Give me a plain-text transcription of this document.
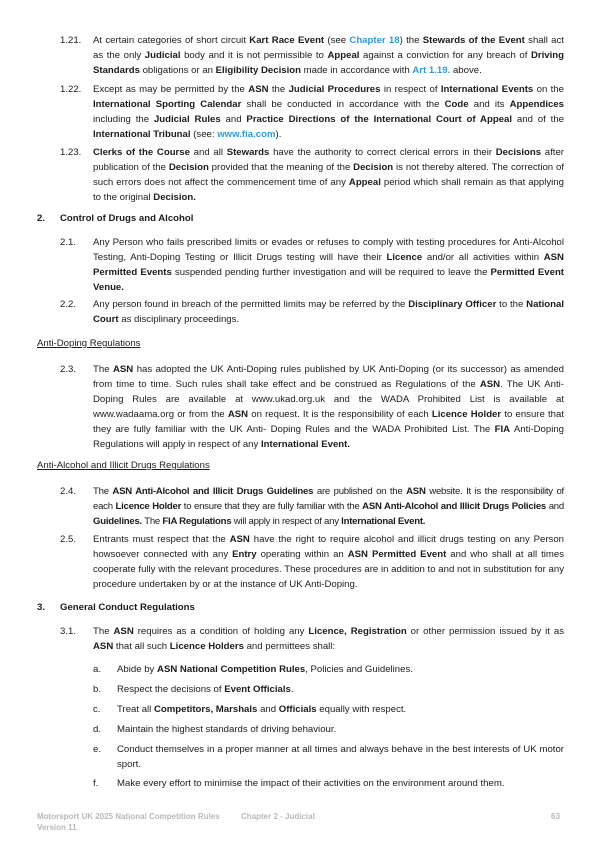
1.21. At certain categories of short circuit Kart Race Event (see Chapter 18) the Stewards of the Event shall act as the only Judicial body and it is not permissible to Appeal against a conviction for any breach of Driving Standards obligations or an Eligibility Decision made in accordance with Art 1.19. above.

1.22. Except as may be permitted by the ASN the Judicial Procedures in respect of International Events on the International Sporting Calendar shall be conducted in accordance with the Code and its Appendices including the Judicial Rules and Practice Directions of the International Court of Appeal and of the International Tribunal (see: www.fia.com).

1.23. Clerks of the Course and all Stewards have the authority to correct clerical errors in their Decisions after publication of the Decision provided that the meaning of the Decision is not thereby altered. The correction of such errors does not affect the commencement time of any Appeal period which shall remain as that applying to the original Decision.

2. Control of Drugs and Alcohol

2.1. Any Person who fails prescribed limits or evades or refuses to comply with testing procedures for Anti-Alcohol Testing, Anti-Doping Testing or Illicit Drugs testing will have their Licence and/or all activities within ASN Permitted Events suspended pending further investigation and will be required to leave the Permitted Event Venue.

2.2. Any person found in breach of the permitted limits may be referred by the Disciplinary Officer to the National Court as disciplinary proceedings.

Anti-Doping Regulations

2.3. The ASN has adopted the UK Anti-Doping rules published by UK Anti-Doping (or its successor) as amended from time to time. Such rules shall take effect and be construed as Regulations of the ASN. The UK Anti-Doping Rules are available at www.ukad.org.uk and the WADA Prohibited List is available at www.wadaama.org or from the ASN on request. It is the responsibility of each Licence Holder to ensure that they are fully familiar with the UK Anti- Doping Rules and the WADA Prohibited List. The FIA Anti-Doping Regulations will apply in respect of any International Event.

Anti-Alcohol and Illicit Drugs Regulations

2.4. The ASN Anti-Alcohol and Illicit Drugs Guidelines are published on the ASN website. It is the responsibility of each Licence Holder to ensure that they are fully familiar with the ASN Anti-Alcohol and Illicit Drugs Policies and Guidelines. The FIA Regulations will apply in respect of any International Event.

2.5. Entrants must respect that the ASN have the right to require alcohol and illicit drugs testing on any Person howsoever connected with any Entry operating within an ASN Permitted Event and who shall at all times cooperate fully with the relevant procedures. These procedures are in addition to and not in substitution for any procedure undertaken by or at the instance of UK Anti-Doping.

3. General Conduct Regulations

3.1. The ASN requires as a condition of holding any Licence, Registration or other permission issued by it as ASN that all such Licence Holders and permittees shall:

a. Abide by ASN National Competition Rules, Policies and Guidelines.

b. Respect the decisions of Event Officials.

c. Treat all Competitors, Marshals and Officials equally with respect.

d. Maintain the highest standards of driving behaviour.

e. Conduct themselves in a proper manner at all times and always behave in the best interests of UK motor sport.

f. Make every effort to minimise the impact of their activities on the environment around them.

Motorsport UK 2025 National Competition Rules
Version 11

Chapter 2 - Judicial	63
